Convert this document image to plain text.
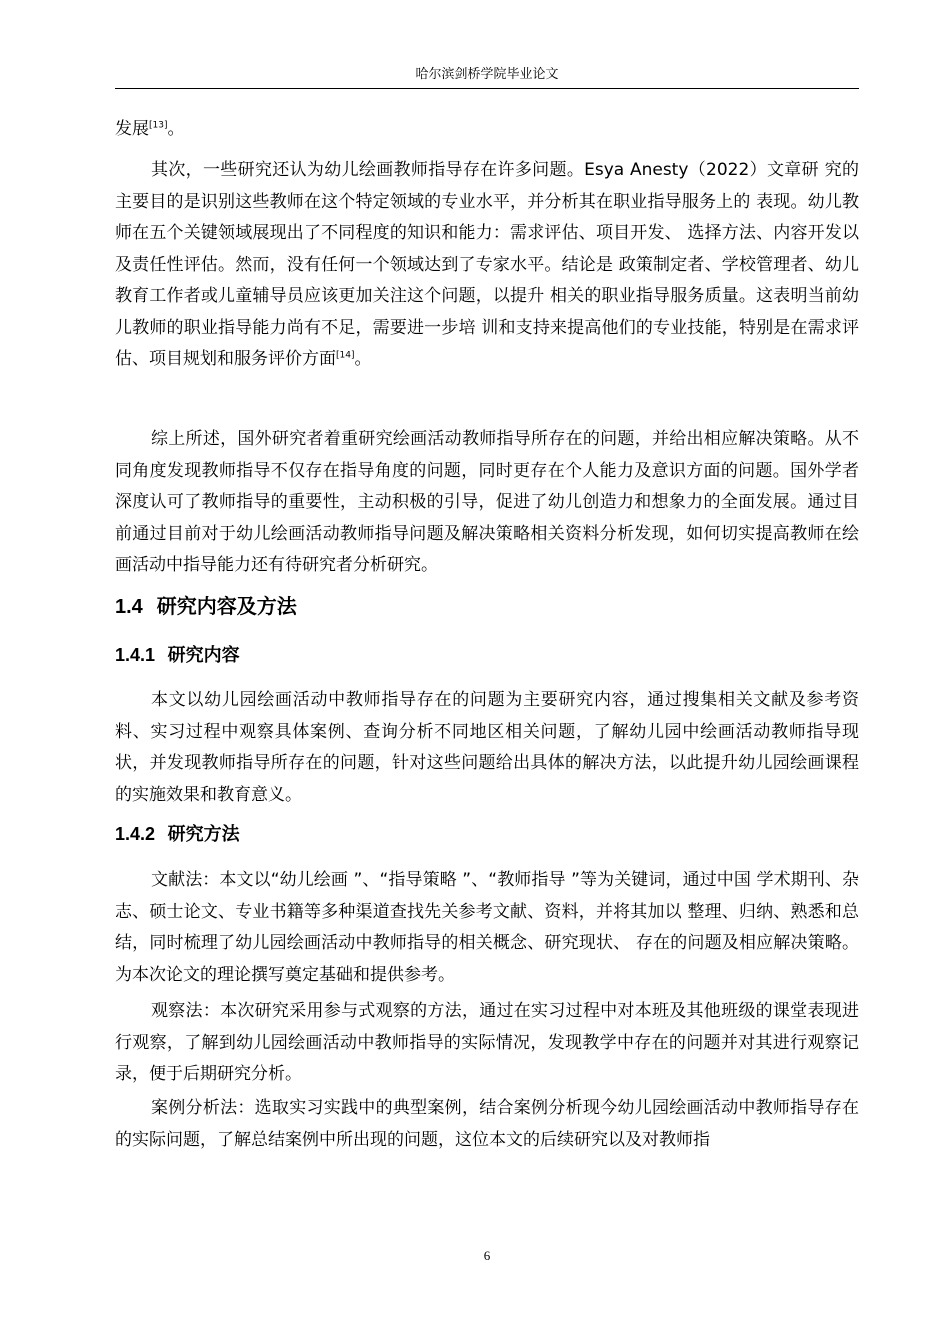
哈尔滨剑桥学院毕业论文

发展[13]。

其次，一些研究还认为幼儿绘画教师指导存在许多问题。Esya Anesty（2022）文章研 究的主要目的是识别这些教师在这个特定领域的专业水平，并分析其在职业指导服务上的 表现。幼儿教师在五个关键领域展现出了不同程度的知识和能力：需求评估、项目开发、 选择方法、内容开发以及责任性评估。然而，没有任何一个领域达到了专家水平。结论是 政策制定者、学校管理者、幼儿教育工作者或儿童辅导员应该更加关注这个问题，以提升 相关的职业指导服务质量。这表明当前幼儿教师的职业指导能力尚有不足，需要进一步培 训和支持来提高他们的专业技能，特别是在需求评估、项目规划和服务评价方面[14]。

综上所述，国外研究者着重研究绘画活动教师指导所存在的问题，并给出相应解决策略。从不同角度发现教师指导不仅存在指导角度的问题，同时更存在个人能力及意识方面的问题。国外学者深度认可了教师指导的重要性，主动积极的引导，促进了幼儿创造力和想象力的全面发展。通过目前通过目前对于幼儿绘画活动教师指导问题及解决策略相关资料分析发现，如何切实提高教师在绘画活动中指导能力还有待研究者分析研究。

1.4 研究内容及方法
1.4.1 研究内容

本文以幼儿园绘画活动中教师指导存在的问题为主要研究内容，通过搜集相关文献及参考资料、实习过程中观察具体案例、查询分析不同地区相关问题，了解幼儿园中绘画活动教师指导现状，并发现教师指导所存在的问题，针对这些问题给出具体的解决方法，以此提升幼儿园绘画课程的实施效果和教育意义。

1.4.2 研究方法

文献法：本文以“幼儿绘画 ”、“指导策略 ”、“教师指导 ”等为关键词，通过中国 学术期刊、杂志、硕士论文、专业书籍等多种渠道查找先关参考文献、资料，并将其加以 整理、归纳、熟悉和总结，同时梳理了幼儿园绘画活动中教师指导的相关概念、研究现状、 存在的问题及相应解决策略。为本次论文的理论撰写奠定基础和提供参考。

观察法：本次研究采用参与式观察的方法，通过在实习过程中对本班及其他班级的课堂表现进行观察，了解到幼儿园绘画活动中教师指导的实际情况，发现教学中存在的问题并对其进行观察记录，便于后期研究分析。

案例分析法：选取实习实践中的典型案例，结合案例分析现今幼儿园绘画活动中教师指导存在的实际问题，了解总结案例中所出现的问题，这位本文的后续研究以及对教师指

6
